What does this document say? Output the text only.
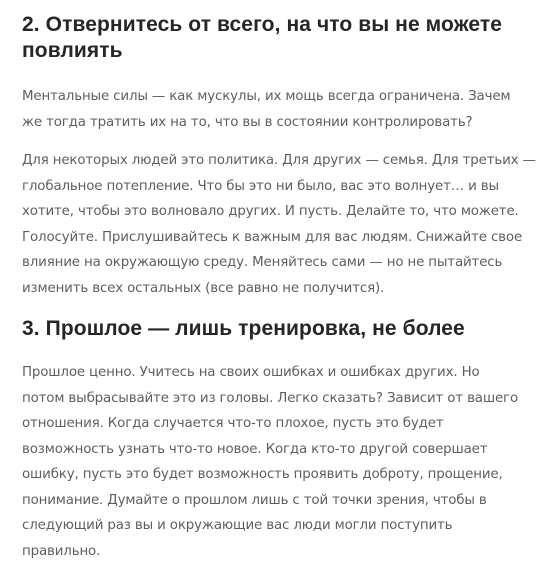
2. Отвернитесь от всего, на что вы не можете
повлиять

Ментальные силы — как мускулы, их мощь всегда ограничена. Зачем
же тогда тратить их на то, что вы в состоянии контролировать?

Для некоторых людей это политика. Для других — семья. Для третьих —
глобальное потепление. Что бы это ни было, вас это волнует… и вы
хотите, чтобы это волновало других. И пусть. Делайте то, что можете.
Голосуйте. Прислушивайтесь к важным для вас людям. Снижайте свое
влияние на окружающую среду. Меняйтесь сами — но не пытайтесь
изменить всех остальных (все равно не получится).

3. Прошлое — лишь тренировка, не более

Прошлое ценно. Учитесь на своих ошибках и ошибках других. Но
потом выбрасывайте это из головы. Легко сказать? Зависит от вашего
отношения. Когда случается что-то плохое, пусть это будет
возможность узнать что-то новое. Когда кто-то другой совершает
ошибку, пусть это будет возможность проявить доброту, прощение,
понимание. Думайте о прошлом лишь с той точки зрения, чтобы в
следующий раз вы и окружающие вас люди могли поступить
правильно.
